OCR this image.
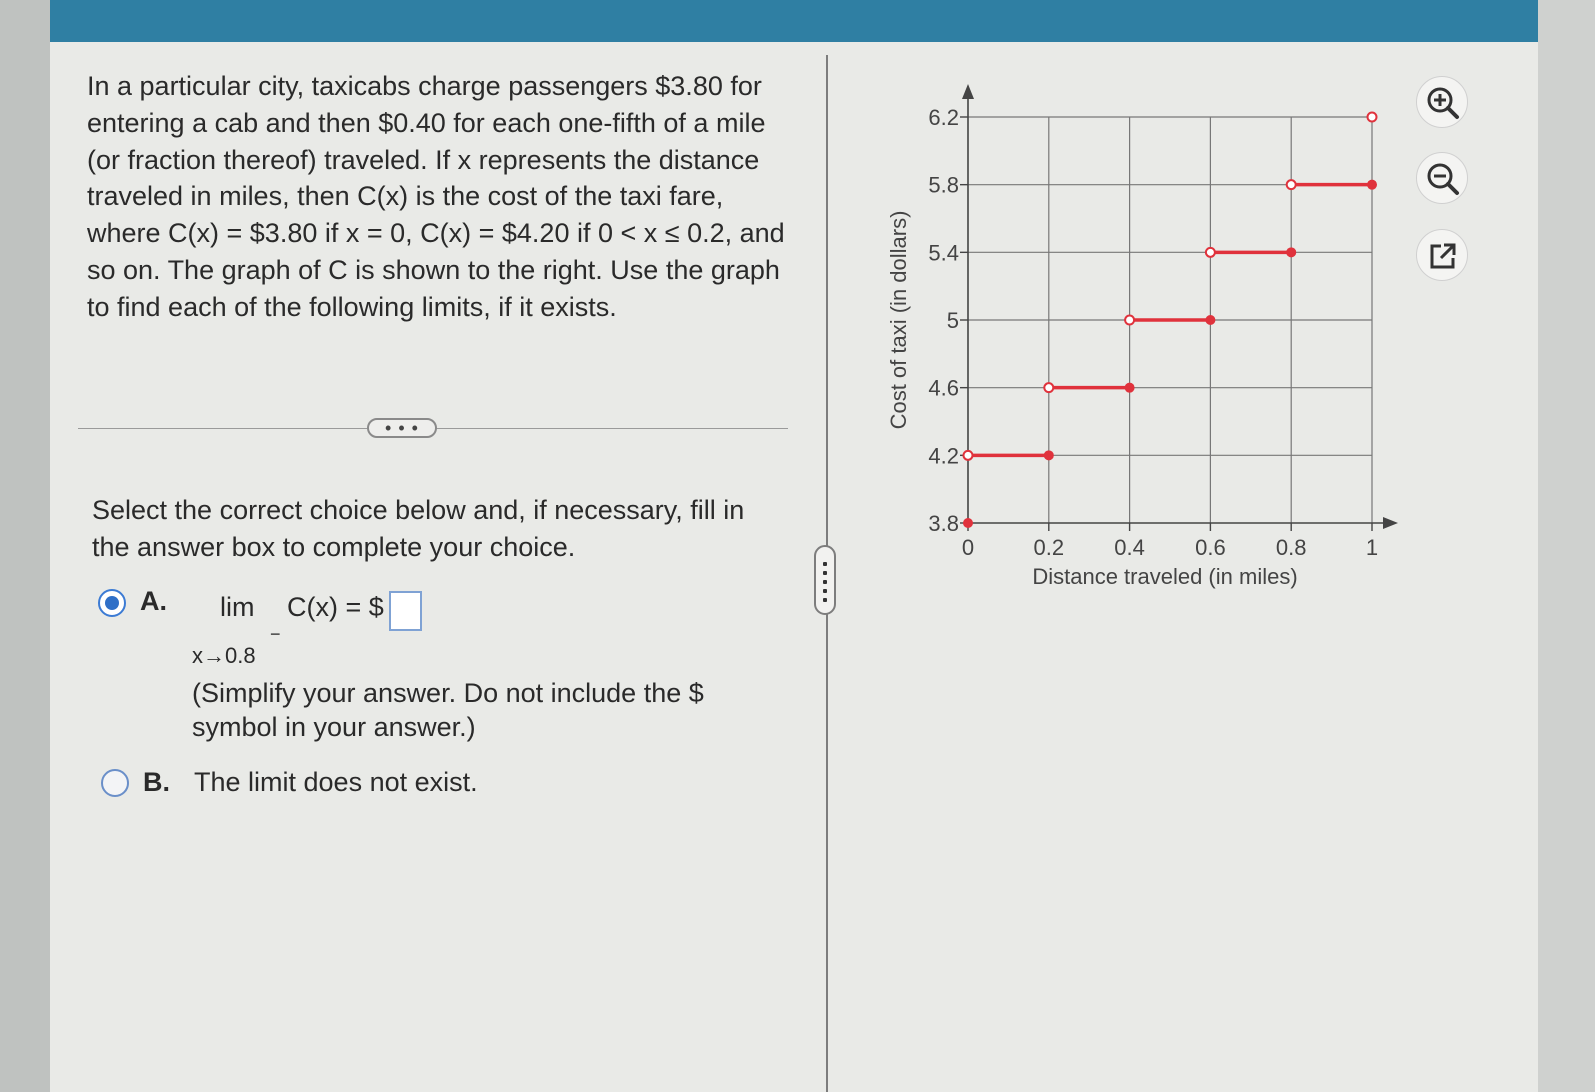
In a particular city, taxicabs charge passengers $3.80 for entering a cab and then $0.40 for each one-fifth of a mile (or fraction thereof) traveled. If x represents the distance traveled in miles, then C(x) is the cost of the taxi fare, where C(x) = $3.80 if x = 0, C(x) = $4.20 if 0 < x ≤ 0.2, and so on. The graph of C is shown to the right. Use the graph to find each of the following limits, if it exists.

• • •

Select the correct choice below and, if necessary, fill in the answer box to complete your choice.

A. lim C(x) = $
x→0.8
−

(Simplify your answer. Do not include the $ symbol in your answer.)

B. The limit does not exist.
0	0.2 0.4 0.6 0.8	1
3.8
4.2
4.6
5
5.4
5.8
6.2
Distance traveled (in miles)
Cost of taxi (in dollars)
